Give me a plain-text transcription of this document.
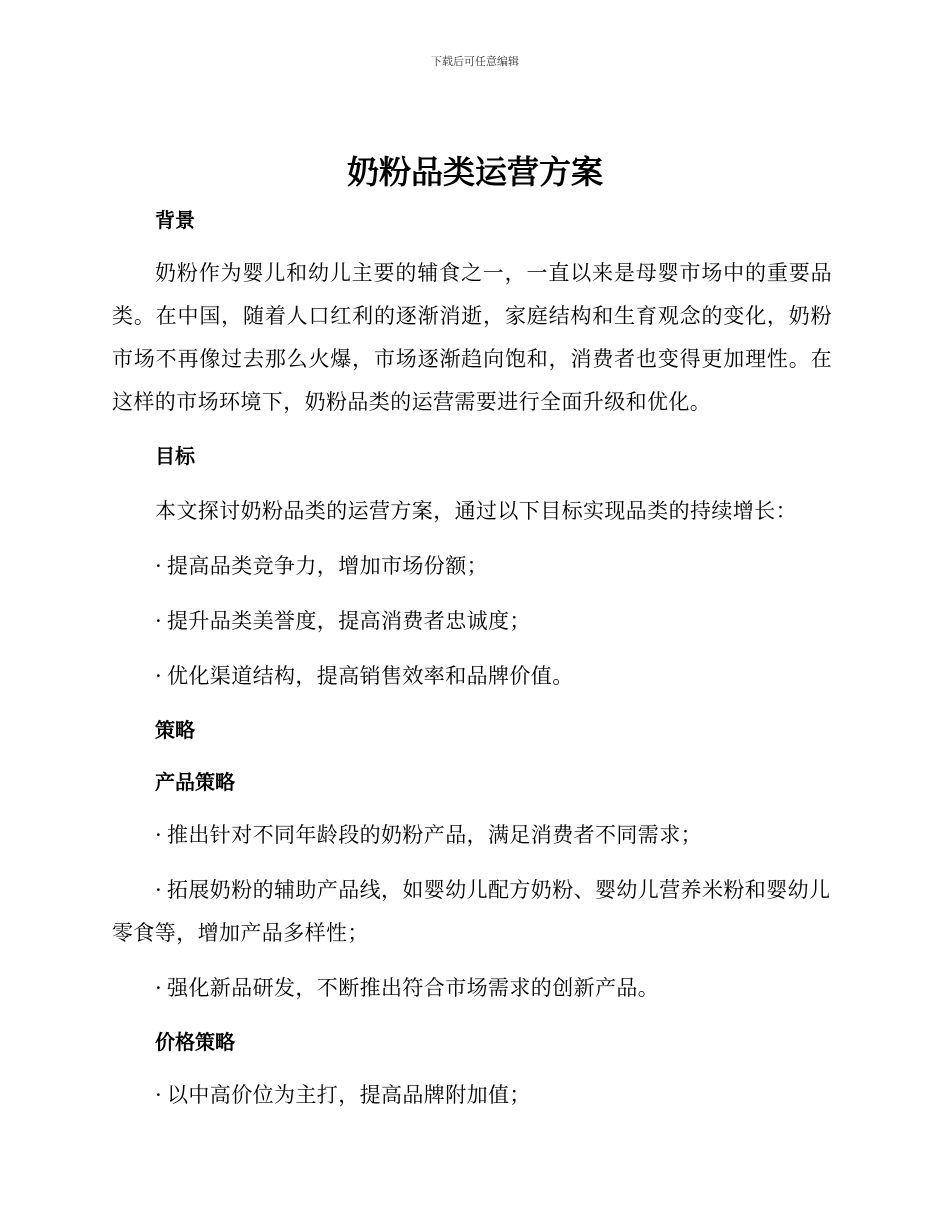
下载后可任意编辑
奶粉品类运营方案
背景

奶粉作为婴儿和幼儿主要的辅食之一，一直以来是母婴市场中的重要品类。在中国，随着人口红利的逐渐消逝，家庭结构和生育观念的变化，奶粉市场不再像过去那么火爆，市场逐渐趋向饱和，消费者也变得更加理性。在这样的市场环境下，奶粉品类的运营需要进行全面升级和优化。

目标

本文探讨奶粉品类的运营方案，通过以下目标实现品类的持续增长：

· 提高品类竞争力，增加市场份额；

· 提升品类美誉度，提高消费者忠诚度；

· 优化渠道结构，提高销售效率和品牌价值。

策略
产品策略

· 推出针对不同年龄段的奶粉产品，满足消费者不同需求；

· 拓展奶粉的辅助产品线，如婴幼儿配方奶粉、婴幼儿营养米粉和婴幼儿零食等，增加产品多样性；

· 强化新品研发，不断推出符合市场需求的创新产品。

价格策略

· 以中高价位为主打，提高品牌附加值；
